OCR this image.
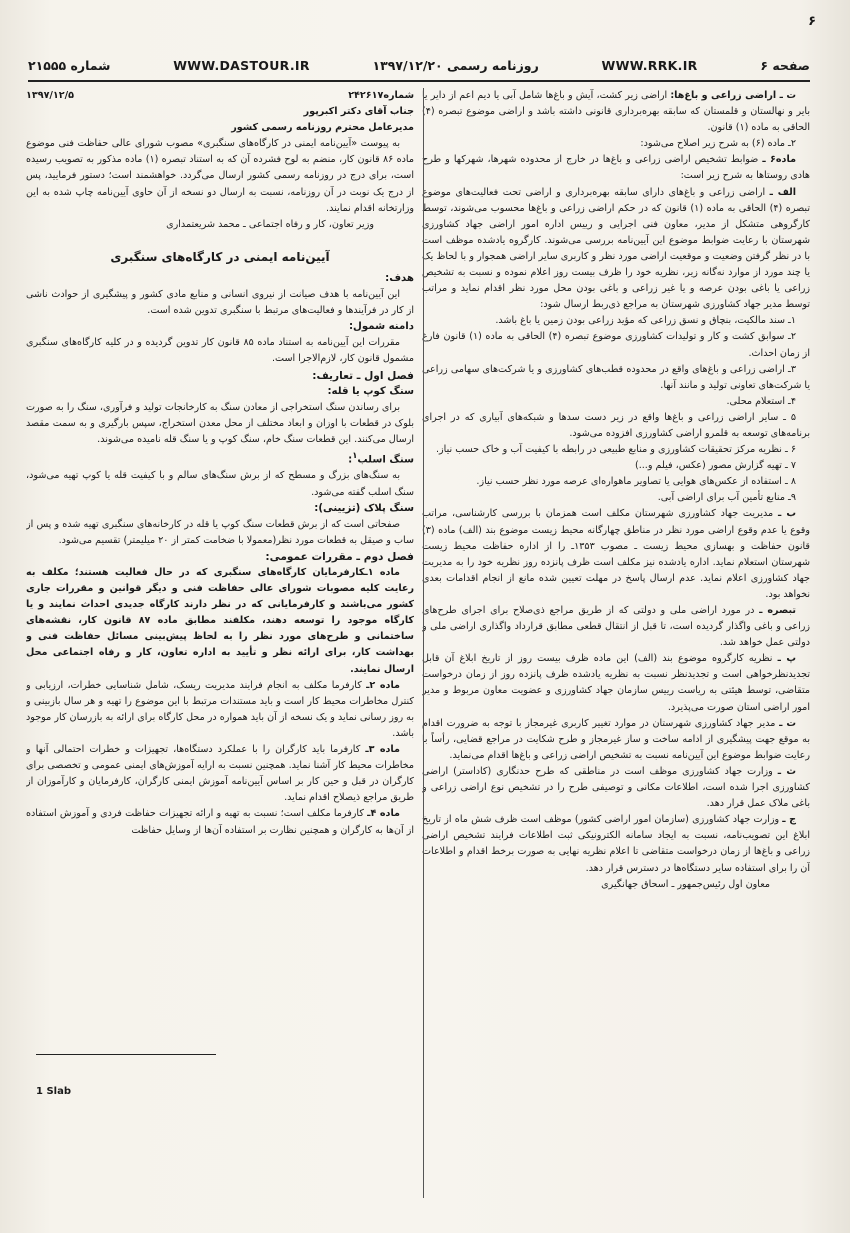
۶
صفحه ۶
WWW.RRK.IR
روزنامه رسمی ۱۳۹۷/۱۲/۲۰
WWW.DASTOUR.IR
شماره ۲۱۵۵۵

ت ـ اراضی زراعی و باغ‌ها: اراضی زیر کشت، آیش و باغ‌ها شامل آبی یا دیم اعم از دایر یا بایر و نهالستان و قلمستان که سابقه بهره‌برداری قانونی داشته باشد و اراضی موضوع تبصره (۴) الحاقی به ماده (۱) قانون.

۲ـ ماده (۶) به شرح زیر اصلاح می‌شود:

ماده۶ ـ ضوابط تشخیص اراضی زراعی و باغ‌ها در خارج از محدوده شهرها، شهرکها و طرح هادی روستاها به شرح زیر است:

الف ـ اراضی زراعی و باغ‌های دارای سابقه بهره‌برداری و اراضی تحت فعالیت‌های موضوع تبصره (۴) الحاقی به ماده (۱) قانون که در حکم اراضی زراعی و باغ‌ها محسوب می‌شوند، توسط کارگروهی متشکل از مدیر، معاون فنی اجرایی و رییس اداره امور اراضی جهاد کشاورزی شهرستان با رعایت ضوابط موضوع این آیین‌نامه بررسی می‌شوند. کارگروه یادشده موظف است با در نظر گرفتن وضعیت و موقعیت اراضی مورد نظر و کاربری سایر اراضی همجوار و با لحاظ یک یا چند مورد از موارد نه‌گانه زیر، نظریه خود را ظرف بیست روز اعلام نموده و نسبت به تشخیص زراعی یا باغی بودن عرصه و یا غیر زراعی و باغی بودن محل مورد نظر اقدام نماید و مراتب توسط مدیر جهاد کشاورزی شهرستان به مراجع ذی‌ربط ارسال شود:

۱ـ سند مالکیت، بنچاق و نسق زراعی که مؤید زراعی بودن زمین یا باغ باشد.

۲ـ سوابق کشت و کار و تولیدات کشاورزی موضوع تبصره (۴) الحاقی به ماده (۱) قانون فارغ از زمان احداث.

۳ـ اراضی زراعی و باغ‌های واقع در محدوده قطب‌های کشاورزی و یا شرکت‌های سهامی زراعی یا شرکت‌های تعاونی تولید و مانند آنها.

۴ـ استعلام محلی.

۵ ـ سایر اراضی زراعی و باغ‌ها واقع در زیر دست سدها و شبکه‌های آبیاری که در اجرای برنامه‌های توسعه به قلمرو اراضی کشاورزی افزوده می‌شود.

۶ ـ نظریه مرکز تحقیقات کشاورزی و منابع طبیعی در رابطه با کیفیت آب و خاک حسب نیاز.

۷ ـ تهیه گزارش مصور (عکس، فیلم و...)

۸ ـ استفاده از عکس‌های هوایی یا تصاویر ماهواره‌ای عرصه مورد نظر حسب نیاز.

۹ـ منابع تأمین آب برای اراضی آبی.

ب ـ مدیریت جهاد کشاورزی شهرستان مکلف است همزمان با بررسی کارشناسی، مراتب وقوع یا عدم وقوع اراضی مورد نظر در مناطق چهارگانه محیط زیست موضوع بند (الف) ماده (۳) قانون حفاظت و بهسازی محیط زیست ـ مصوب ۱۳۵۳ـ را از اداره حفاظت محیط زیست شهرستان استعلام نماید. اداره یادشده نیز مکلف است ظرف پانزده روز نظریه خود را به مدیریت جهاد کشاورزی اعلام نماید. عدم ارسال پاسخ در مهلت تعیین شده مانع از انجام اقدامات بعدی نخواهد بود.

تبصره ـ در مورد اراضی ملی و دولتی که از طریق مراجع ذی‌صلاح برای اجرای طرح‌های زراعی و باغی واگذار گردیده است، تا قبل از انتقال قطعی مطابق قرارداد واگذاری اراضی ملی و دولتی عمل خواهد شد.

پ ـ نظریه کارگروه موضوع بند (الف) این ماده ظرف بیست روز از تاریخ ابلاغ آن قابل تجدیدنظرخواهی است و تجدیدنظر نسبت به نظریه یادشده ظرف پانزده روز از زمان درخواست متقاضی، توسط هیئتی به ریاست رییس سازمان جهاد کشاورزی و عضویت معاون مربوط و مدیر امور اراضی استان صورت می‌پذیرد.

ت ـ مدیر جهاد کشاورزی شهرستان در موارد تغییر کاربری غیرمجاز با توجه به ضرورت اقدام به موقع جهت پیشگیری از ادامه ساخت و ساز غیرمجاز و طرح شکایت در مراجع قضایی، رأساً با رعایت ضوابط موضوع این آیین‌نامه نسبت به تشخیص اراضی زراعی و باغ‌ها اقدام می‌نماید.

ث ـ وزارت جهاد کشاورزی موظف است در مناطقی که طرح حدنگاری (کاداستر) اراضی کشاورزی اجرا شده است، اطلاعات مکانی و توصیفی طرح را در تشخیص نوع اراضی زراعی و باغی ملاک عمل قرار دهد.

ج ـ وزارت جهاد کشاورزی (سازمان امور اراضی کشور) موظف است ظرف شش ماه از تاریخ ابلاغ این تصویب‌نامه، نسبت به ایجاد سامانه الکترونیکی ثبت اطلاعات فرایند تشخیص اراضی زراعی و باغ‌ها از زمان درخواست متقاضی تا اعلام نظریه نهایی به صورت برخط اقدام و اطلاعات آن را برای استفاده سایر دستگاه‌ها در دسترس قرار دهد.

معاون اول رئیس‌جمهور ـ اسحاق جهانگیری

شماره۲۴۲۶۱۷
۱۳۹۷/۱۲/۵

جناب آقای دکتر اکبرپور

مدیرعامل محترم روزنامه رسمی کشور

به پیوست «آیین‌نامه ایمنی در کارگاه‌های سنگبری» مصوب شورای عالی حفاظت فنی موضوع ماده ۸۶ قانون کار، منضم به لوح فشرده آن که به استناد تبصره (۱) ماده مذکور به تصویب رسیده است، برای درج در روزنامه رسمی کشور ارسال می‌گردد. خواهشمند است؛ دستور فرمایید، پس از درج یک نوبت در آن روزنامه، نسبت به ارسال دو نسخه از آن حاوی آیین‌نامه چاپ شده به این وزارتخانه اقدام نمایند.

وزیر تعاون، کار و رفاه اجتماعی ـ محمد شریعتمداری

آیین‌نامه ایمنی در کارگاه‌های سنگبری

هدف:

این آیین‌نامه با هدف صیانت از نیروی انسانی و منابع مادی کشور و پیشگیری از حوادث ناشی از کار در فرآیندها و فعالیت‌های مرتبط با سنگبری تدوین شده است.

دامنه شمول:

مقررات این آیین‌نامه به استناد ماده ۸۵ قانون کار تدوین گردیده و در کلیه کارگاه‌های سنگبری مشمول قانون کار، لازم‌الاجرا است.

فصل اول ـ تعاریف:

سنگ کوپ یا قله:

برای رساندن سنگ استخراجی از معادن سنگ به کارخانجات تولید و فرآوری، سنگ را به صورت بلوک در قطعات با اوزان و ابعاد مختلف از محل معدن استخراج، سپس بارگیری و به سمت مقصد ارسال می‌کنند. این قطعات سنگ خام، سنگ کوپ و یا سنگ قله نامیده می‌شوند.

سنگ اسلب$^۱$:

به سنگ‌های بزرگ و مسطح که از برش سنگ‌های سالم و با کیفیت قله یا کوپ تهیه می‌شود، سنگ اسلب گفته می‌شود.

سنگ پلاک (تزیینی):

صفحاتی است که از برش قطعات سنگ کوپ یا قله در کارخانه‌های سنگبری تهیه شده و پس از ساب و صیقل به قطعات مورد نظر(معمولا با ضخامت کمتر از ۲۰ میلیمتر) تقسیم می‌شود.

فصل دوم ـ مقررات عمومی:

ماده ۱ـکارفرمایان کارگاه‌های سنگبری که در حال فعالیت هستند؛ مکلف به رعایت کلیه مصوبات شورای عالی حفاظت فنی و دیگر قوانین و مقررات جاری کشور می‌باشند و کارفرمایانی که در نظر دارند کارگاه جدیدی احداث نمایند و یا کارگاه موجود را توسعه دهند، مکلفند مطابق ماده ۸۷ قانون کار، نقشه‌های ساختمانی و طرح‌های مورد نظر را به لحاظ پیش‌بینی مسائل حفاظت فنی و بهداشت کار، برای ارائه نظر و تأیید به اداره تعاون، کار و رفاه اجتماعی محل ارسال نمایند.

ماده ۲ـ کارفرما مکلف به انجام فرایند مدیریت ریسک، شامل شناسایی خطرات، ارزیابی و کنترل مخاطرات محیط کار است و باید مستندات مرتبط با این موضوع را تهیه و هر سال بازبینی و به روز رسانی نماید و یک نسخه از آن باید همواره در محل کارگاه برای ارائه به بازرسان کار موجود باشد.

ماده ۳ـ کارفرما باید کارگران را با عملکرد دستگاه‌ها، تجهیزات و خطرات احتمالی آنها و مخاطرات محیط کار آشنا نماید. همچنین نسبت به ارایه آموزش‌های ایمنی عمومی و تخصصی برای کارگران در قبل و حین کار بر اساس آیین‌نامه آموزش ایمنی کارگران، کارفرمایان و کارآموزان از طریق مراجع ذیصلاح اقدام نماید.

ماده ۴ـ کارفرما مکلف است؛ نسبت به تهیه و ارائه تجهیزات حفاظت فردی و آموزش استفاده از آن‌ها به کارگران و همچنین نظارت بر استفاده آن‌ها از وسایل حفاظت

1 Slab
